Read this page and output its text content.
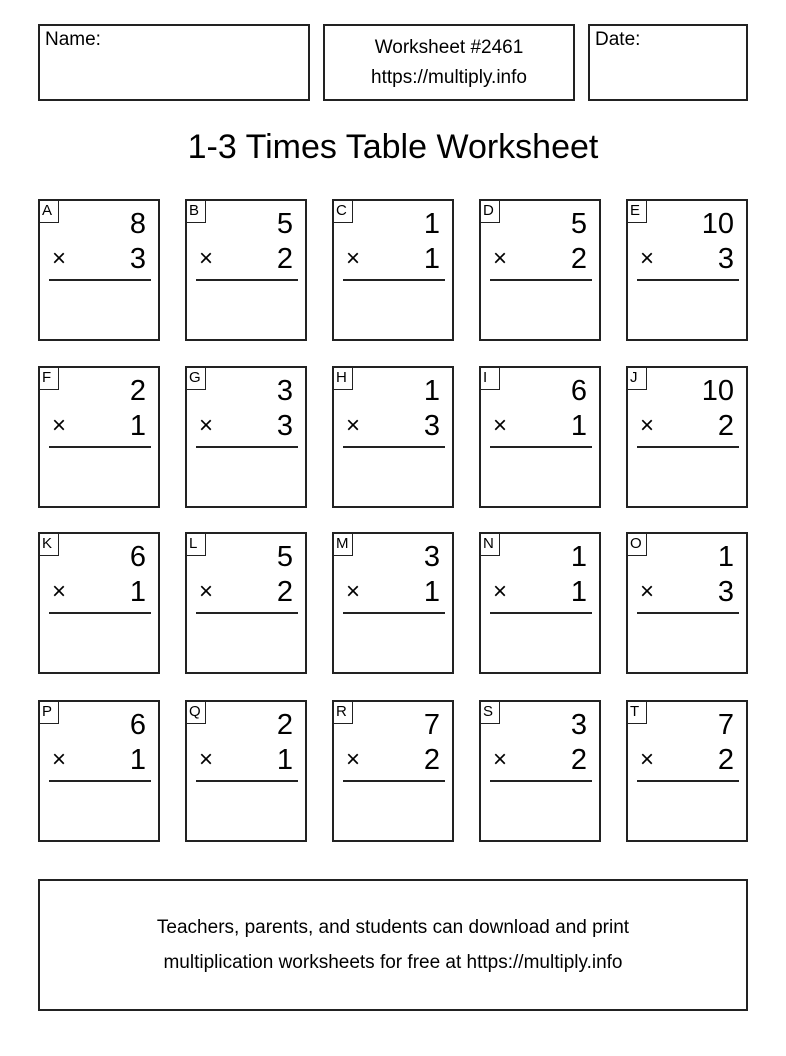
Name:	Worksheet #2461
https://multiply.info
Date:
1-3 Times Table Worksheet
A	8
× 3
B	5
× 2
C	1
× 1
D	5
× 2
E 10
× 3
F	2
× 1
G	3
× 3
H	1
× 3
I	6
× 1
J	10
× 2
K	6
× 1
L	5
× 2
M	3
× 1
N	1
× 1
O	1
× 3
P	6
× 1
Q	2
× 1
R	7
× 2
S	3
× 2
T	7
× 2
Teachers, parents, and students can download and print
multiplication worksheets for free at https://multiply.info
